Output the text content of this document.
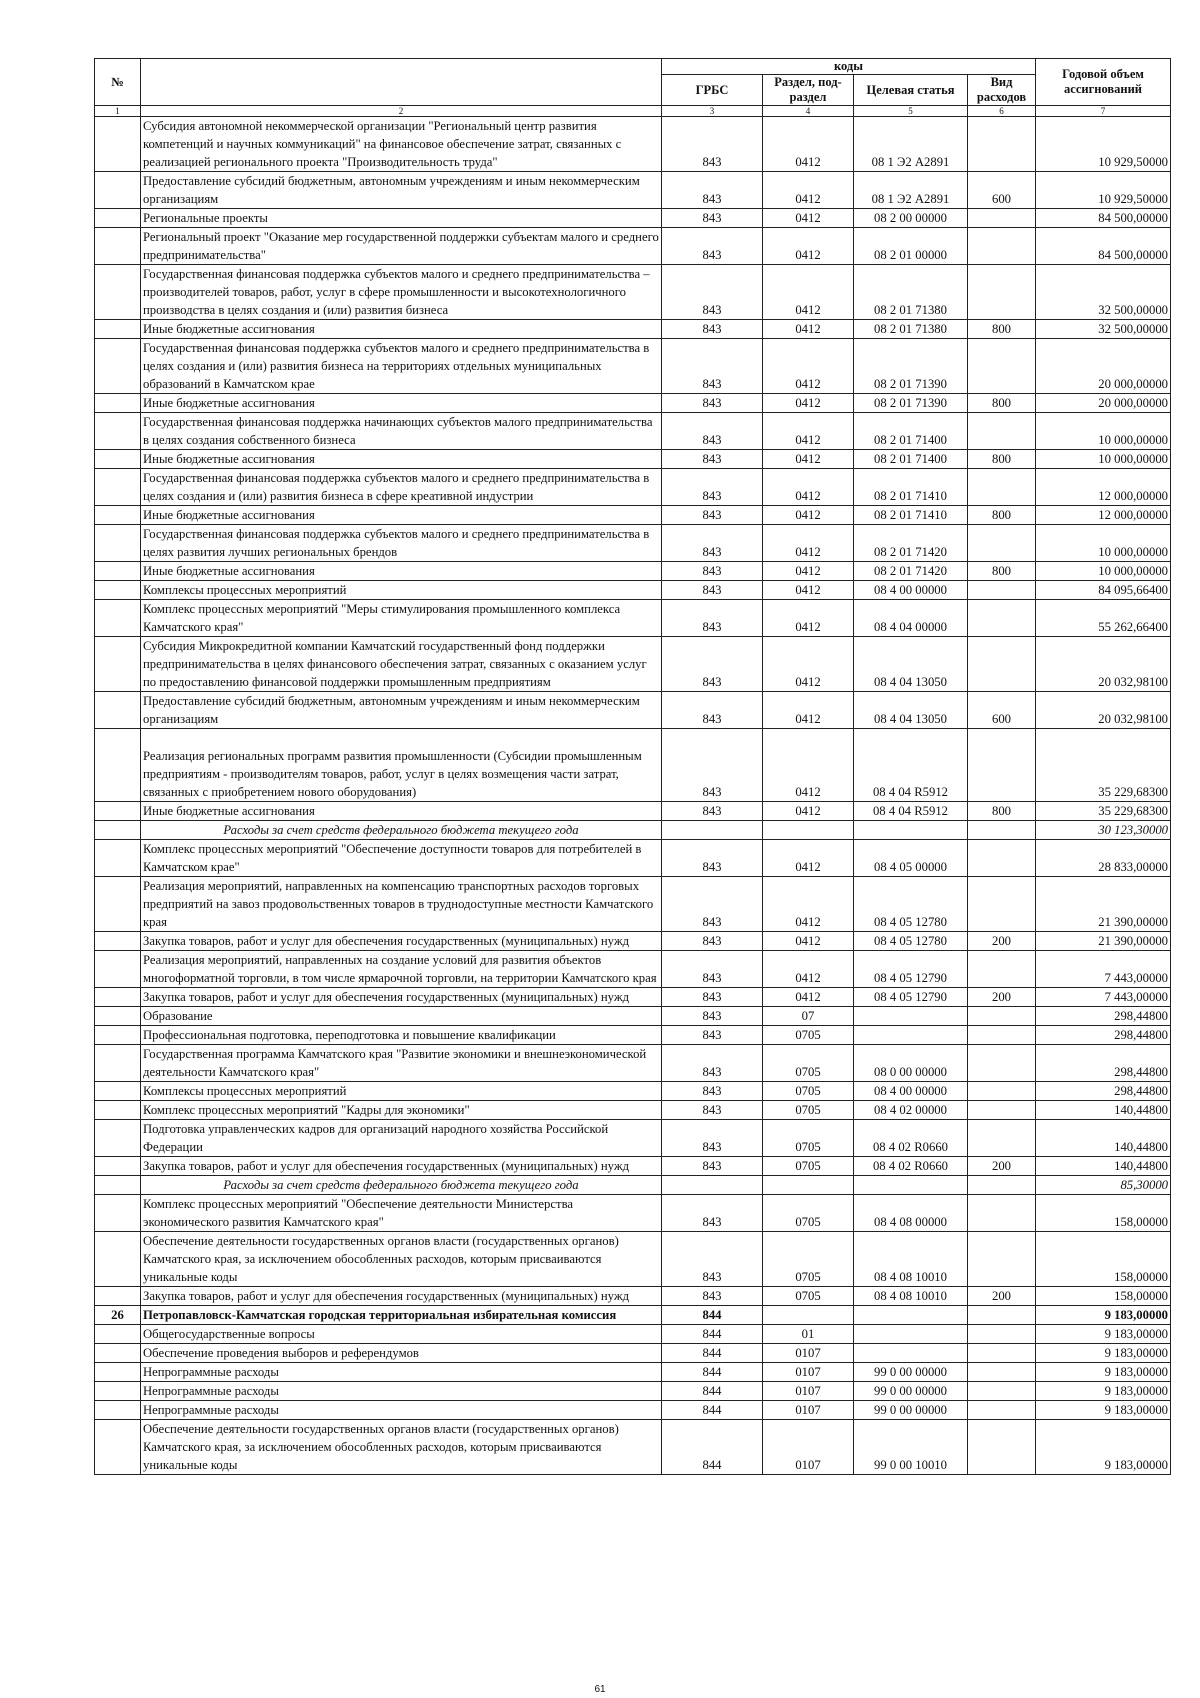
№		коды				Годовой объем ассигнований
		ГРБС	Раздел, под-раздел	Целевая статья	Вид расходов	
1	2	3	4	5	6	7
	Субсидия автономной некоммерческой организации "Региональный центр развития компетенций и научных коммуникаций" на финансовое обеспечение затрат, связанных с реализацией регионального проекта "Производительность труда"	843	0412	08 1 Э2 А2891		10 929,50000
	Предоставление субсидий бюджетным, автономным учреждениям и иным некоммерческим организациям	843	0412	08 1 Э2 А2891	600	10 929,50000
	Региональные проекты	843	0412	08 2 00 00000		84 500,00000
	Региональный проект "Оказание мер государственной поддержки субъектам малого и среднего предпринимательства"	843	0412	08 2 01 00000		84 500,00000
	Государственная финансовая поддержка субъектов малого и среднего предпринимательства – производителей товаров, работ, услуг в сфере промышленности и высокотехнологичного производства в целях создания и (или) развития бизнеса	843	0412	08 2 01 71380		32 500,00000
	Иные бюджетные ассигнования	843	0412	08 2 01 71380	800	32 500,00000
	Государственная финансовая поддержка субъектов малого и среднего предпринимательства в целях создания и (или) развития бизнеса на территориях отдельных муниципальных образований в Камчатском крае	843	0412	08 2 01 71390		20 000,00000
	Иные бюджетные ассигнования	843	0412	08 2 01 71390	800	20 000,00000
	Государственная финансовая поддержка начинающих субъектов малого предпринимательства в целях создания собственного бизнеса	843	0412	08 2 01 71400		10 000,00000
	Иные бюджетные ассигнования	843	0412	08 2 01 71400	800	10 000,00000
	Государственная финансовая поддержка субъектов малого и среднего предпринимательства в целях создания и (или) развития бизнеса в сфере креативной индустрии	843	0412	08 2 01 71410		12 000,00000
	Иные бюджетные ассигнования	843	0412	08 2 01 71410	800	12 000,00000
	Государственная финансовая поддержка субъектов малого и среднего предпринимательства в целях развития лучших региональных брендов	843	0412	08 2 01 71420		10 000,00000
	Иные бюджетные ассигнования	843	0412	08 2 01 71420	800	10 000,00000
	Комплексы процессных мероприятий	843	0412	08 4 00 00000		84 095,66400
	Комплекс процессных мероприятий "Меры стимулирования промышленного комплекса Камчатского края"	843	0412	08 4 04 00000		55 262,66400
	Субсидия Микрокредитной компании Камчатский государственный фонд поддержки предпринимательства в целях финансового обеспечения затрат, связанных с оказанием услуг по предоставлению финансовой поддержки промышленным предприятиям	843	0412	08 4 04 13050		20 032,98100
	Предоставление субсидий бюджетным, автономным учреждениям и иным некоммерческим организациям	843	0412	08 4 04 13050	600	20 032,98100
	Реализация региональных программ развития промышленности (Субсидии промышленным предприятиям - производителям товаров, работ, услуг в целях возмещения части затрат, связанных с приобретением нового оборудования)	843	0412	08 4 04 R5912		35 229,68300
	Иные бюджетные ассигнования	843	0412	08 4 04 R5912	800	35 229,68300
	Расходы за счет средств федерального бюджета текущего года					30 123,30000
	Комплекс процессных мероприятий "Обеспечение доступности товаров для потребителей в Камчатском крае"	843	0412	08 4 05 00000		28 833,00000
	Реализация мероприятий, направленных на компенсацию транспортных расходов торговых предприятий на завоз продовольственных товаров в труднодоступные местности Камчатского края	843	0412	08 4 05 12780		21 390,00000
	Закупка товаров, работ и услуг для обеспечения государственных (муниципальных) нужд	843	0412	08 4 05 12780	200	21 390,00000
	Реализация мероприятий, направленных на создание условий для развития объектов многоформатной торговли, в том числе ярмарочной торговли, на территории Камчатского края	843	0412	08 4 05 12790		7 443,00000
	Закупка товаров, работ и услуг для обеспечения государственных (муниципальных) нужд	843	0412	08 4 05 12790	200	7 443,00000
	Образование	843	07			298,44800
	Профессиональная подготовка, переподготовка и повышение квалификации	843	0705			298,44800
	Государственная программа Камчатского края "Развитие экономики и внешнеэкономической деятельности Камчатского края"	843	0705	08 0 00 00000		298,44800
	Комплексы процессных мероприятий	843	0705	08 4 00 00000		298,44800
	Комплекс процессных мероприятий "Кадры для экономики"	843	0705	08 4 02 00000		140,44800
	Подготовка управленческих кадров для организаций народного хозяйства Российской Федерации	843	0705	08 4 02 R0660		140,44800
	Закупка товаров, работ и услуг для обеспечения государственных (муниципальных) нужд	843	0705	08 4 02 R0660	200	140,44800
	Расходы за счет средств федерального бюджета текущего года					85,30000
	Комплекс процессных мероприятий "Обеспечение деятельности Министерства экономического развития Камчатского края"	843	0705	08 4 08 00000		158,00000
	Обеспечение деятельности государственных органов власти (государственных органов) Камчатского края, за исключением обособленных расходов, которым присваиваются уникальные коды	843	0705	08 4 08 10010		158,00000
	Закупка товаров, работ и услуг для обеспечения государственных (муниципальных) нужд	843	0705	08 4 08 10010	200	158,00000
26	Петропавловск-Камчатская городская территориальная избирательная комиссия	844				9 183,00000
	Общегосударственные вопросы	844	01			9 183,00000
	Обеспечение проведения выборов и референдумов	844	0107			9 183,00000
	Непрограммные расходы	844	0107	99 0 00 00000		9 183,00000
	Непрограммные расходы	844	0107	99 0 00 00000		9 183,00000
	Непрограммные расходы	844	0107	99 0 00 00000		9 183,00000
	Обеспечение деятельности государственных органов власти (государственных органов) Камчатского края, за исключением обособленных расходов, которым присваиваются уникальные коды	844	0107	99 0 00 10010		9 183,00000
61
